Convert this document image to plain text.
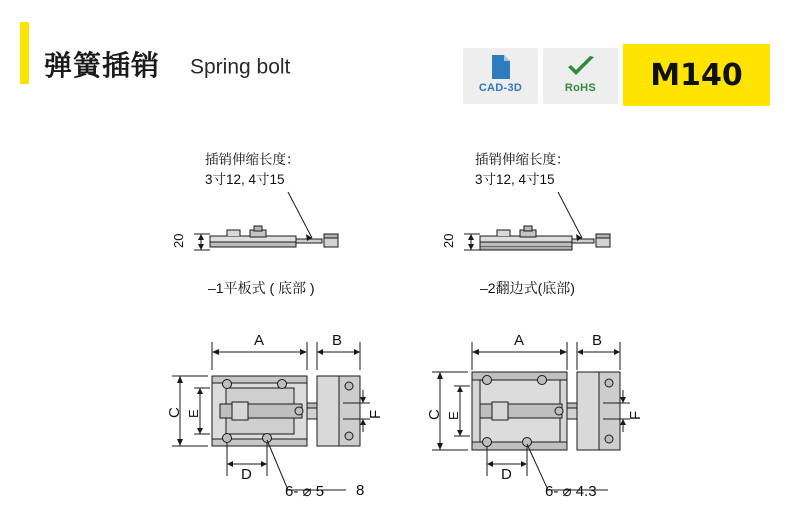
弹簧插销 Spring bolt
CAD-3D	RoHS M140
插销伸缩长度：
3寸12, 4寸15
20
–1平板式 ( 底部 )
插销伸缩长度：
3寸12, 4寸15
20
–2翻边式(底部)
A	B
C E
D
F
6- ⌀ 5 8
A	B
C E
D
F
6- ⌀ 4.3
